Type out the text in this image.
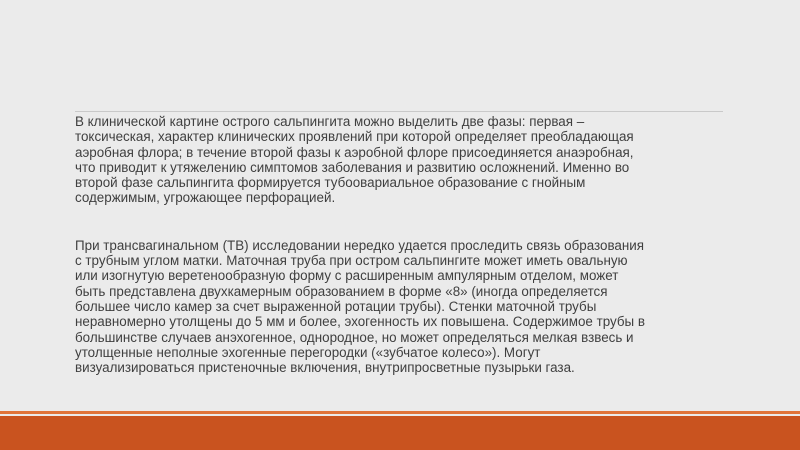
В клинической картине острого сальпингита можно выделить две фазы: первая –
токсическая, характер клинических проявлений при которой определяет преобладающая
аэробная флора; в течение второй фазы к аэробной флоре присоединяется анаэробная,
что приводит к утяжелению симптомов заболевания и развитию осложнений. Именно во
второй фазе сальпингита формируется тубоовариальное образование с гнойным
содержимым, угрожающее перфорацией.

При трансвагинальном (ТВ) исследовании нередко удается проследить связь образования
с трубным углом матки. Маточная труба при остром сальпингите может иметь овальную
или изогнутую веретенообразную форму с расширенным ампулярным отделом, может
быть представлена двухкамерным образованием в форме «8» (иногда определяется
большее число камер за счет выраженной ротации трубы). Стенки маточной трубы
неравномерно утолщены до 5 мм и более, эхогенность их повышена. Содержимое трубы в
большинстве случаев анэхогенное, однородное, но может определяться мелкая взвесь и
утолщенные неполные эхогенные перегородки («зубчатое колесо»). Могут
визуализироваться пристеночные включения, внутрипросветные пузырьки газа.
